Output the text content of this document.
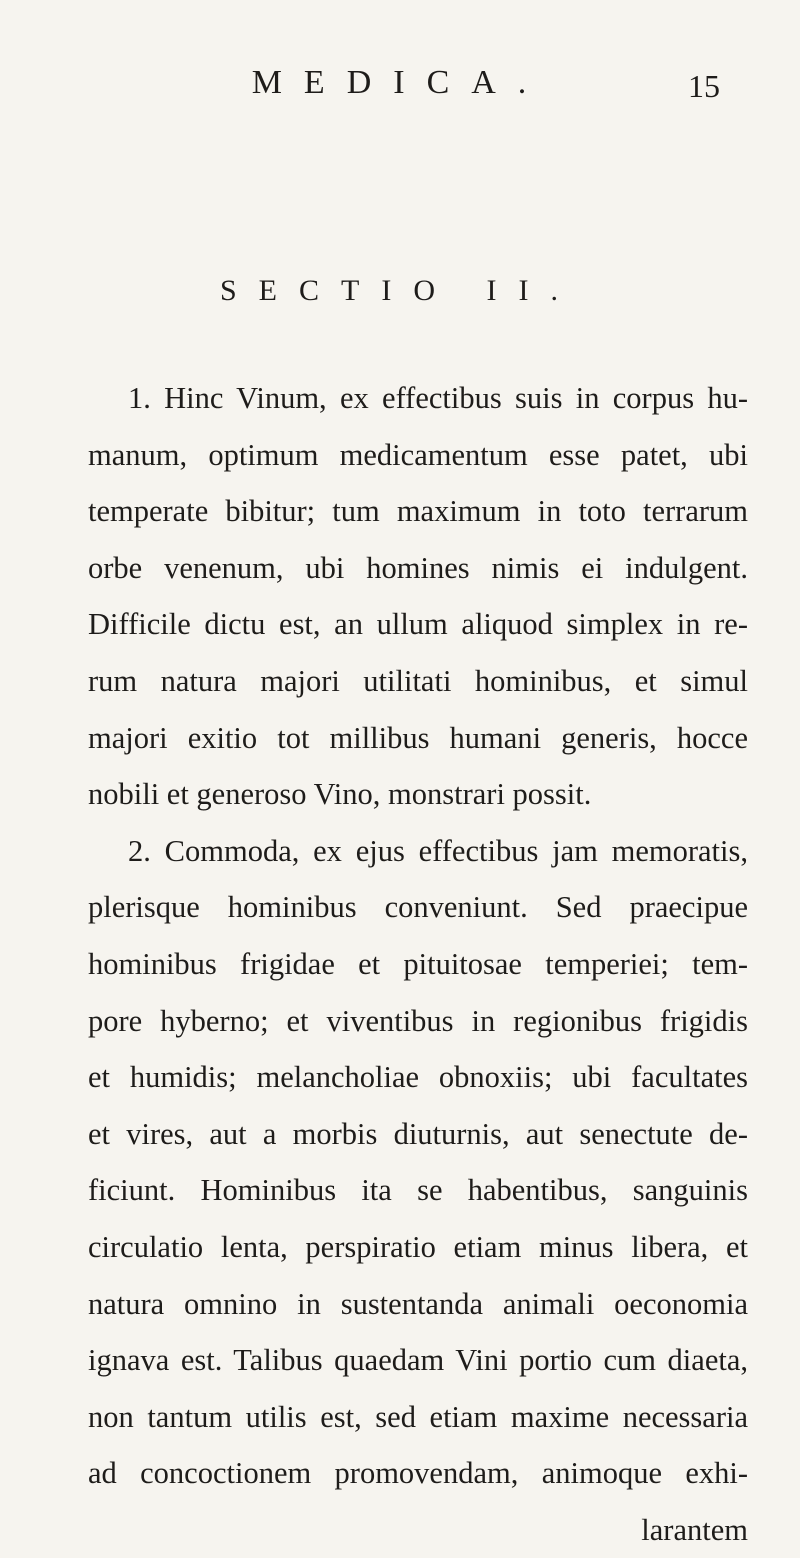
MEDICA.	15
SECTIO II.
1. Hinc Vinum, ex effectibus suis in corpus hu-
manum, optimum medicamentum esse patet, ubi
temperate bibitur; tum maximum in toto terrarum
orbe venenum, ubi homines nimis ei indulgent.
Difficile dictu est, an ullum aliquod simplex in re-
rum natura majori utilitati hominibus, et simul
majori exitio tot millibus humani generis, hocce
nobili et generoso Vino, monstrari possit.
2. Commoda, ex ejus effectibus jam memoratis,
plerisque hominibus conveniunt. Sed praecipue
hominibus frigidae et pituitosae temperiei; tem-
pore hyberno; et viventibus in regionibus frigidis
et humidis; melancholiae obnoxiis; ubi facultates
et vires, aut a morbis diuturnis, aut senectute de-
ficiunt. Hominibus ita se habentibus, sanguinis
circulatio lenta, perspiratio etiam minus libera, et
natura omnino in sustentanda animali oeconomia
ignava est. Talibus quaedam Vini portio cum diaeta,
non tantum utilis est, sed etiam maxime necessaria
ad concoctionem promovendam, animoque exhi-
larantem
